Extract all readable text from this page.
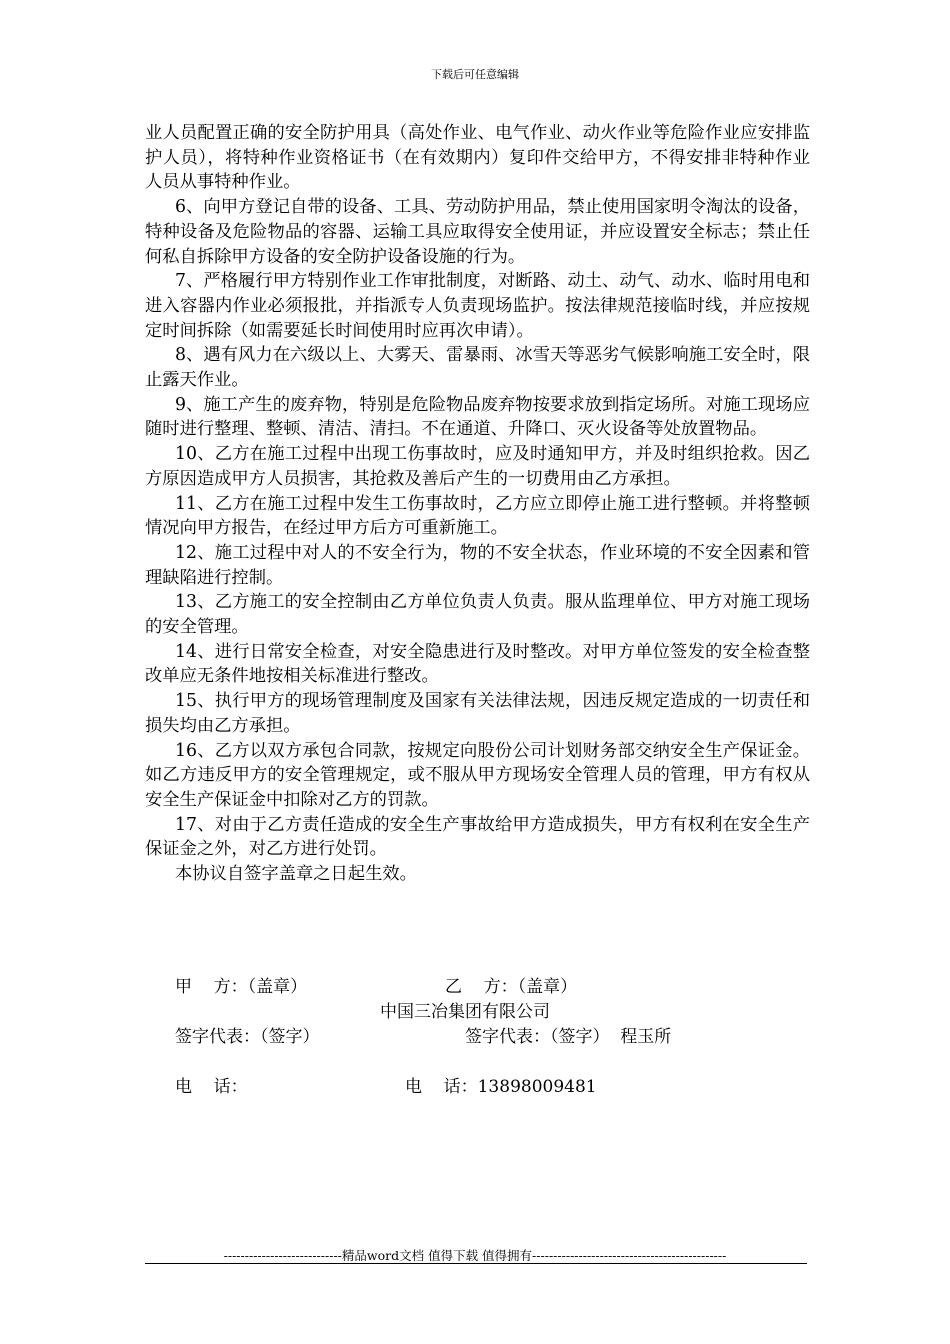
下载后可任意编辑

业人员配置正确的安全防护用具（高处作业、电气作业、动火作业等危险作业应安排监护人员），将特种作业资格证书（在有效期内）复印件交给甲方，不得安排非特种作业人员从事特种作业。

6、向甲方登记自带的设备、工具、劳动防护用品，禁止使用国家明令淘汰的设备，特种设备及危险物品的容器、运输工具应取得安全使用证，并应设置安全标志；禁止任何私自拆除甲方设备的安全防护设备设施的行为。

7、严格履行甲方特别作业工作审批制度，对断路、动土、动气、动水、临时用电和进入容器内作业必须报批，并指派专人负责现场监护。按法律规范接临时线，并应按规定时间拆除（如需要延长时间使用时应再次申请）。

8、遇有风力在六级以上、大雾天、雷暴雨、冰雪天等恶劣气候影响施工安全时，限止露天作业。

9、施工产生的废弃物，特别是危险物品废弃物按要求放到指定场所。对施工现场应随时进行整理、整顿、清洁、清扫。不在通道、升降口、灭火设备等处放置物品。

10、乙方在施工过程中出现工伤事故时，应及时通知甲方，并及时组织抢救。因乙方原因造成甲方人员损害，其抢救及善后产生的一切费用由乙方承担。

11、乙方在施工过程中发生工伤事故时，乙方应立即停止施工进行整顿。并将整顿情况向甲方报告，在经过甲方后方可重新施工。

12、施工过程中对人的不安全行为，物的不安全状态，作业环境的不安全因素和管理缺陷进行控制。

13、乙方施工的安全控制由乙方单位负责人负责。服从监理单位、甲方对施工现场的安全管理。

14、进行日常安全检查，对安全隐患进行及时整改。对甲方单位签发的安全检查整改单应无条件地按相关标准进行整改。

15、执行甲方的现场管理制度及国家有关法律法规，因违反规定造成的一切责任和损失均由乙方承担。

16、乙方以双方承包合同款，按规定向股份公司计划财务部交纳安全生产保证金。如乙方违反甲方的安全管理规定，或不服从甲方现场安全管理人员的管理，甲方有权从安全生产保证金中扣除对乙方的罚款。

17、对由于乙方责任造成的安全生产事故给甲方造成损失，甲方有权利在安全生产保证金之外，对乙方进行处罚。

本协议自签字盖章之日起生效。

甲    方：（盖章）	乙    方：（盖章）
中国三冶集团有限公司
签字代表：（签字）	签字代表：（签字）  程玉所
电    话：	电    话：13898009481
----------------------------精品word文档 值得下载 值得拥有----------------------------------------------
